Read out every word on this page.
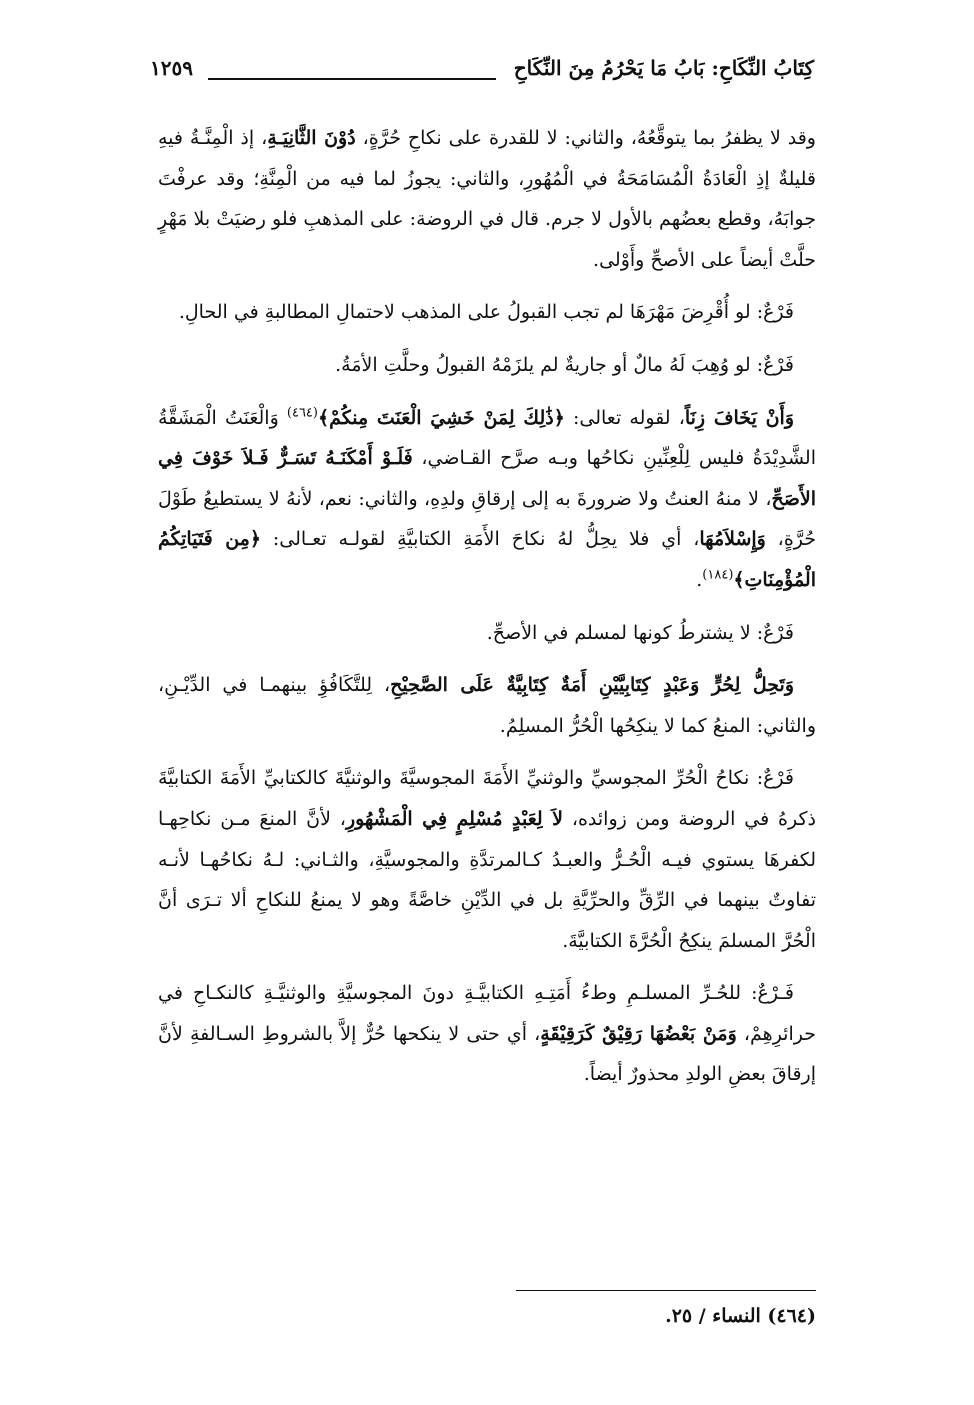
كِتَابُ النِّكَاحِ: بَابُ مَا يَحْرُمُ مِنَ النِّكَاحِ
١٢٥٩

وقد لا يظفرُ بما يتوقَّعُهُ، والثاني: لا للقدرة على نكاحِ حُرَّةٍ، دُوْنَ الثَّانِيَـةِ، إذ الْمِنَّـةُ فيهِ قليلةٌ إذِ الْعَادَةُ الْمُسَامَحَةُ في الْمُهُورِ، والثاني: يجوزُ لما فيه من الْمِنَّةِ؛ وقد عرفْتَ جوابَهُ، وقطع بعضُهم بالأول لا جرم. قال في الروضة: على المذهبِ فلو رضيَتْ بلا مَهْرٍ حلَّتْ أيضاً على الأصحِّ وأَوْلى.

فَرْعٌ: لو أُقْرِضَ مَهْرَهَا لم تجب القبولُ على المذهب لاحتمالِ المطالبةِ في الحالِ.

فَرْعٌ: لو وُهِبَ لَهُ مالٌ أو جاريةٌ لم يلزَمْهُ القبولُ وحلَّتِ الأمَةُ.

وَأَنْ يَخَافَ زِنَاً، لقوله تعالى: ﴿ذَٰلِكَ لِمَنْ خَشِيَ الْعَنَتَ مِنكُمْ﴾$^{(٤٦٤)}$ وَالْعَنَتُ الْمَشَقَّةُ الشَّدِيْدَةُ فليس لِلْعِنِّينِ نكاحُها وبـه صرَّح القـاضي، فَلَـوْ أَمْكَنَـهُ تَسَـرٌّ فَـلاَ خَوْفَ فِي الأَصَحِّ، لا منهُ العنتُ ولا ضرورةَ به إلى إرقاقِ ولدِهِ، والثاني: نعم، لأنهُ لا يستطيعُ طَوْلَ حُرَّةٍ، وَإِسْلاَمُهَا، أي فلا يحِلُّ لهُ نكاحَ الأَمَةِ الكتابيَّةِ لقولـه تعـالى: ﴿مِن فَتَيَاتِكُمُ الْمُؤْمِنَاتِ﴾$^{(١٨٤)}$.

فَرْعٌ: لا يشترطُ كونها لمسلم في الأصحِّ.

وَتَحِلُّ لِحُرٍّ وَعَبْدٍ كِتَابِيَّيْنِ أَمَةٌ كِتَابِيَّةٌ عَلَى الصَّحِيْحِ، لِلتَّكَافُؤِ بينهمـا في الدِّيْـنِ، والثاني: المنعُ كما لا ينكِحُها الْحُرُّ المسلِمُ.

فَرْعٌ: نكاحُ الْحُرِّ المجوسيِّ والوثنيِّ الأَمَةَ المجوسيَّةَ والوثنيَّةَ كالكتابيِّ الأَمَةَ الكتابيَّةَ ذكرهُ في الروضة ومن زوائده، لاَ لِعَبْدٍ مُسْلِمٍ فِي الْمَشْهُورِ، لأنَّ المنعَ مـن نكاحِهـا لكفرهَا يستوي فيـه الْحُـرُّ والعبـدُ كـالمرتدَّةِ والمجوسيَّةِ، والثـاني: لـهُ نكاحُهـا لأنـه تفاوتٌ بينهما في الرِّقِّ والحرِّيَّةِ بل في الدِّيْنِ خاصَّةً وهو لا يمنعُ للنكاحِ ألا تـرَى أنَّ الْحُرَّ المسلمَ ينكِحُ الْحُرَّةَ الكتابيَّةَ.

فَـرْعٌ: للحُـرِّ المسلـمِ وطءُ أَمَتِـهِ الكتابيَّـةِ دونَ المجوسيَّةِ والوثنيَّـةِ كالنكـاحِ في حرائرِهِمْ، وَمَنْ بَعْضُهَا رَقِيْقٌ كَرَقِيْقَةٍ، أي حتى لا ينكحها حُرٌّ إلاَّ بالشروطِ السـالفةِ لأنَّ إرقاقَ بعضِ الولدِ محذورٌ أيضاً.

(٤٦٤) النساء / ٢٥.
